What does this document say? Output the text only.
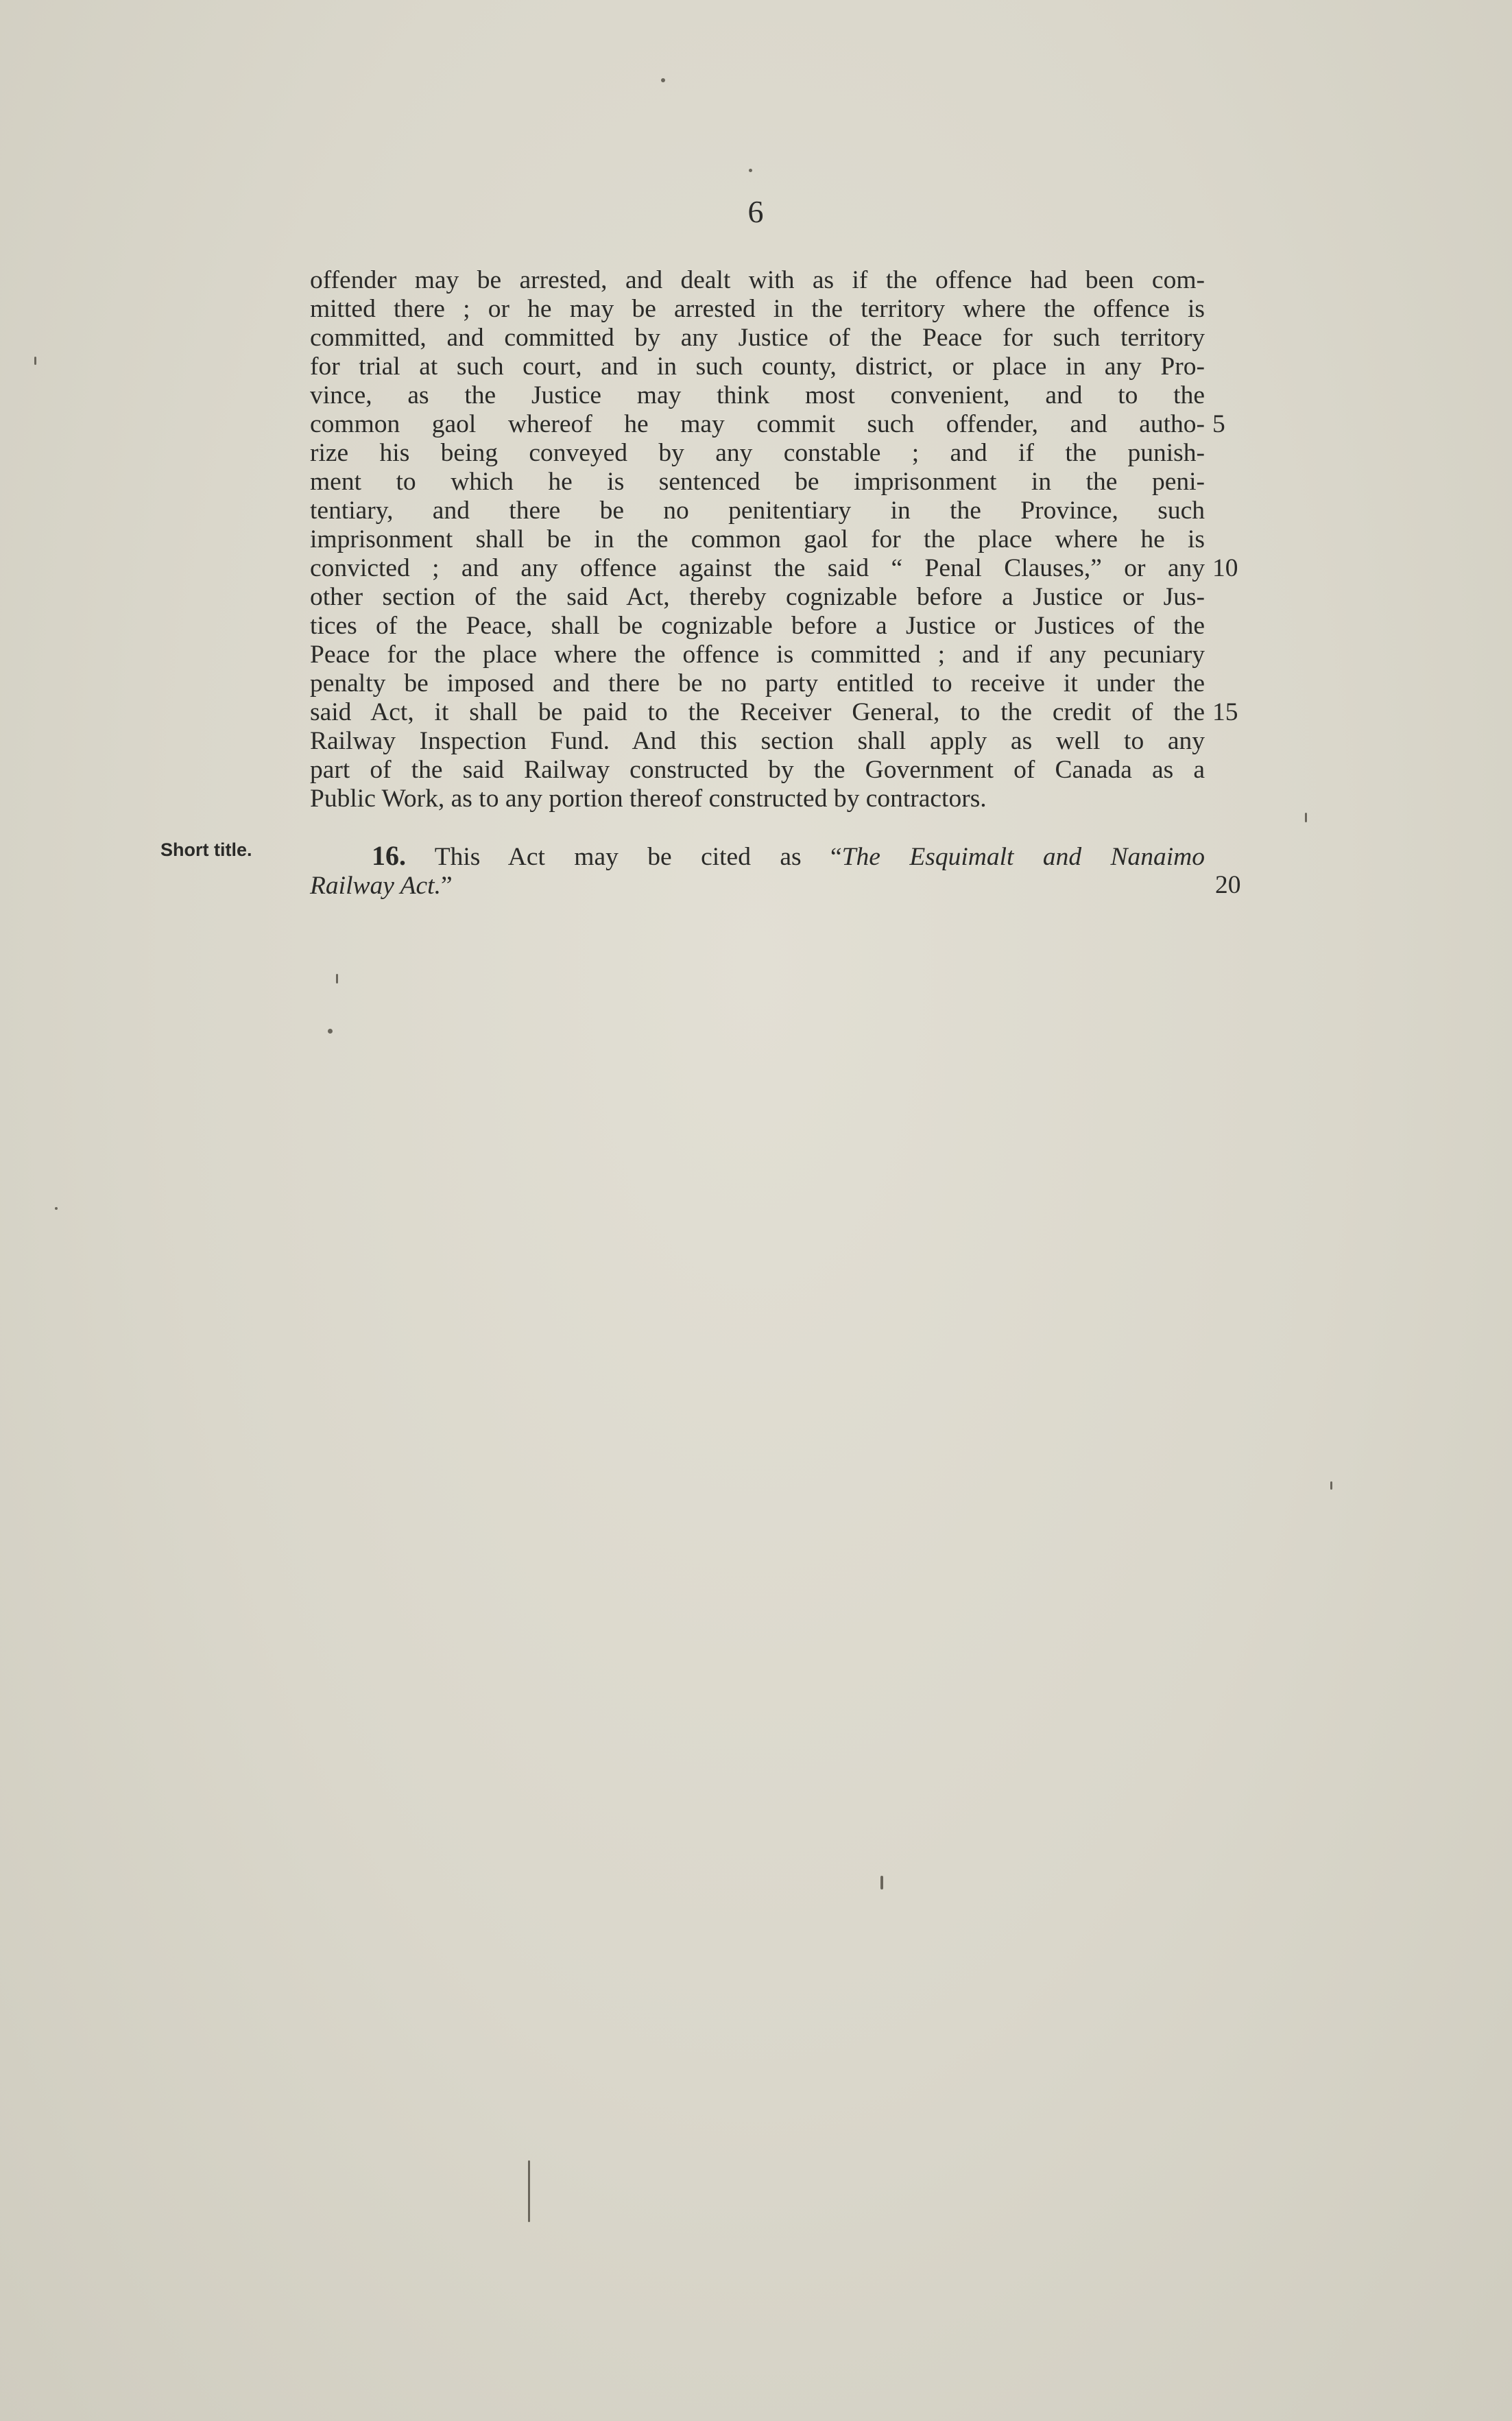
6
offender may be arrested, and dealt with as if the offence had been com-
mitted there ; or he may be arrested in the territory where the offence is
committed, and committed by any Justice of the Peace for such territory
for trial at such court, and in such county, district, or place in any Pro-
vince, as the Justice may think most convenient, and to the
common gaol whereof he may commit such offender, and autho-
rize his being conveyed by any constable ; and if the punish-
ment to which he is sentenced be imprisonment in the peni-
tentiary, and there be no penitentiary in the Province, such
imprisonment shall be in the common gaol for the place where he is
convicted ; and any offence against the said “ Penal Clauses,” or any
other section of the said Act, thereby cognizable before a Justice or Jus-
tices of the Peace, shall be cognizable before a Justice or Justices of the
Peace for the place where the offence is committed ; and if any pecuniary
penalty be imposed and there be no party entitled to receive it under the
said Act, it shall be paid to the Receiver General, to the credit of the
Railway Inspection Fund. And this section shall apply as well to any
part of the said Railway constructed by the Government of Canada as a
Public Work, as to any portion thereof constructed by contractors.
5
10
15
Short title.	16. This Act may be cited as “The Esquimalt and Nanaimo
Railway Act.”	20
